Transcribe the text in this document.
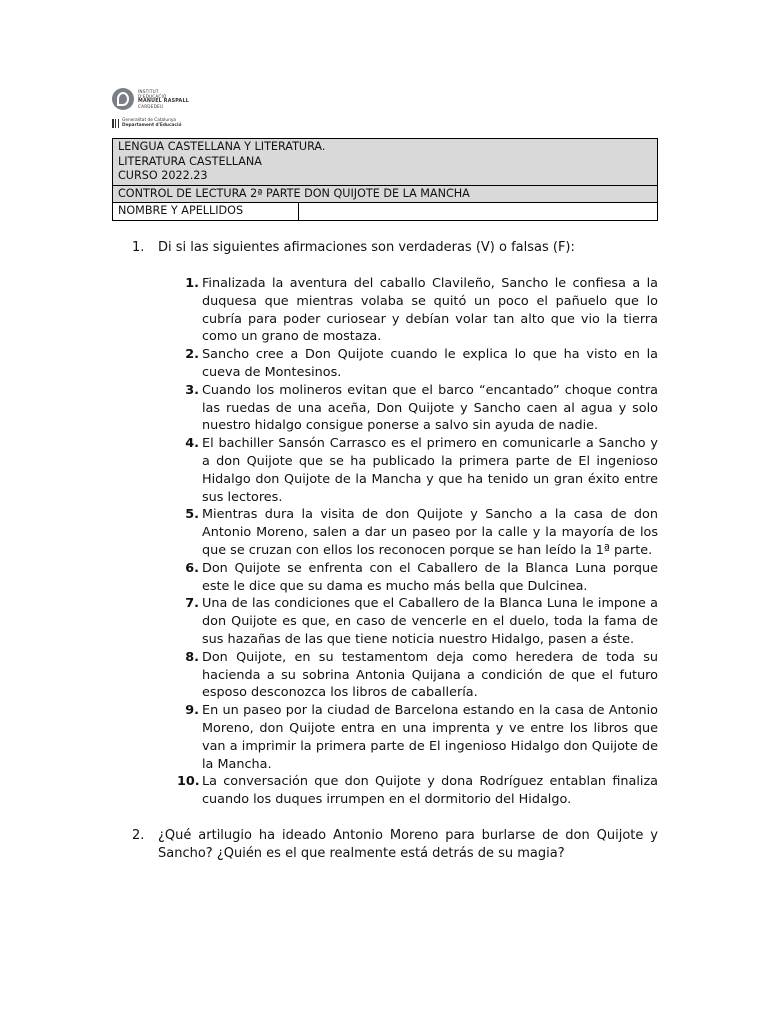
INSTITUT
D'EDUCACIÓ
MANUEL RASPALL
CARDEDEU
Generalitat de Catalunya
Departament d'Educació
LENGUA CASTELLANA Y LITERATURA.
LITERATURA CASTELLANA
CURSO 2022.23
CONTROL DE LECTURA 2ª PARTE DON QUIJOTE DE LA MANCHA
NOMBRE Y APELLIDOS
1. Di si las siguientes afirmaciones son verdaderas (V) o falsas (F):
1. Finalizada la aventura del caballo Clavileño, Sancho le confiesa a la duquesa que mientras volaba se quitó un poco el pañuelo que lo cubría para poder curiosear y debían volar tan alto que vio la tierra como un grano de mostaza.
2. Sancho cree a Don Quijote cuando le explica lo que ha visto en la cueva de Montesinos.
3. Cuando los molineros evitan que el barco “encantado” choque contra las ruedas de una aceña, Don Quijote y Sancho caen al agua y solo nuestro hidalgo consigue ponerse a salvo sin ayuda de nadie.
4. El bachiller Sansón Carrasco es el primero en comunicarle a Sancho y a don Quijote que se ha publicado la primera parte de El ingenioso Hidalgo don Quijote de la Mancha y que ha tenido un gran éxito entre sus lectores.
5. Mientras dura la visita de don Quijote y Sancho a la casa de don Antonio Moreno, salen a dar un paseo por la calle y la mayoría de los que se cruzan con ellos los reconocen porque se han leído la 1ª parte.
6. Don Quijote se enfrenta con el Caballero de la Blanca Luna porque este le dice que su dama es mucho más bella que Dulcinea.
7. Una de las condiciones que el Caballero de la Blanca Luna le impone a don Quijote es que, en caso de vencerle en el duelo, toda la fama de sus hazañas de las que tiene noticia nuestro Hidalgo, pasen a éste.
8. Don Quijote, en su testamentom deja como heredera de toda su hacienda a su sobrina Antonia Quijana a condición de que el futuro esposo desconozca los libros de caballería.
9. En un paseo por la ciudad de Barcelona estando en la casa de Antonio Moreno, don Quijote entra en una imprenta y ve entre los libros que van a imprimir la primera parte de El ingenioso Hidalgo don Quijote de la Mancha.
10. La conversación que don Quijote y dona Rodríguez entablan finaliza cuando los duques irrumpen en el dormitorio del Hidalgo.
2. ¿Qué artilugio ha ideado Antonio Moreno para burlarse de don Quijote y Sancho? ¿Quién es el que realmente está detrás de su magia?
